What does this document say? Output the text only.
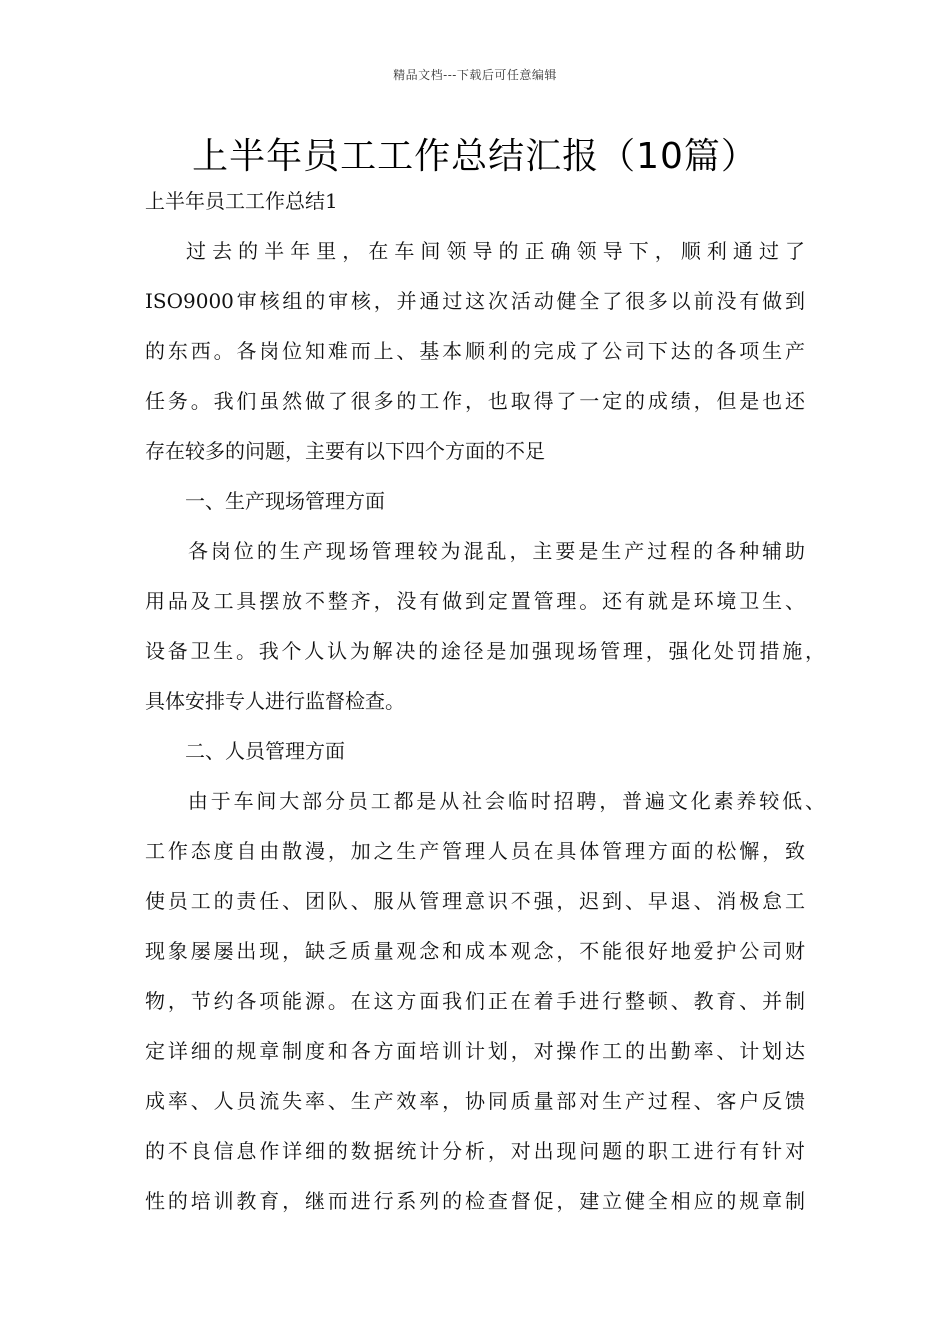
精品文档---下载后可任意编辑
上半年员工工作总结汇报（10篇）
上半年员工工作总结1
　过去的半年里，在车间领导的正确领导下，顺利通过了
ISO9000审核组的审核，并通过这次活动健全了很多以前没有做到
的东西。各岗位知难而上、基本顺利的完成了公司下达的各项生产
任务。我们虽然做了很多的工作，也取得了一定的成绩，但是也还
存在较多的问题，主要有以下四个方面的不足
　一、生产现场管理方面
　各岗位的生产现场管理较为混乱，主要是生产过程的各种辅助
用品及工具摆放不整齐，没有做到定置管理。还有就是环境卫生、
设备卫生。我个人认为解决的途径是加强现场管理，强化处罚措施，
具体安排专人进行监督检查。
　二、人员管理方面
　由于车间大部分员工都是从社会临时招聘，普遍文化素养较低、
工作态度自由散漫，加之生产管理人员在具体管理方面的松懈，致
使员工的责任、团队、服从管理意识不强，迟到、早退、消极怠工
现象屡屡出现，缺乏质量观念和成本观念，不能很好地爱护公司财
物，节约各项能源。在这方面我们正在着手进行整顿、教育、并制
定详细的规章制度和各方面培训计划，对操作工的出勤率、计划达
成率、人员流失率、生产效率，协同质量部对生产过程、客户反馈
的不良信息作详细的数据统计分析，对出现问题的职工进行有针对
性的培训教育，继而进行系列的检查督促，建立健全相应的规章制
